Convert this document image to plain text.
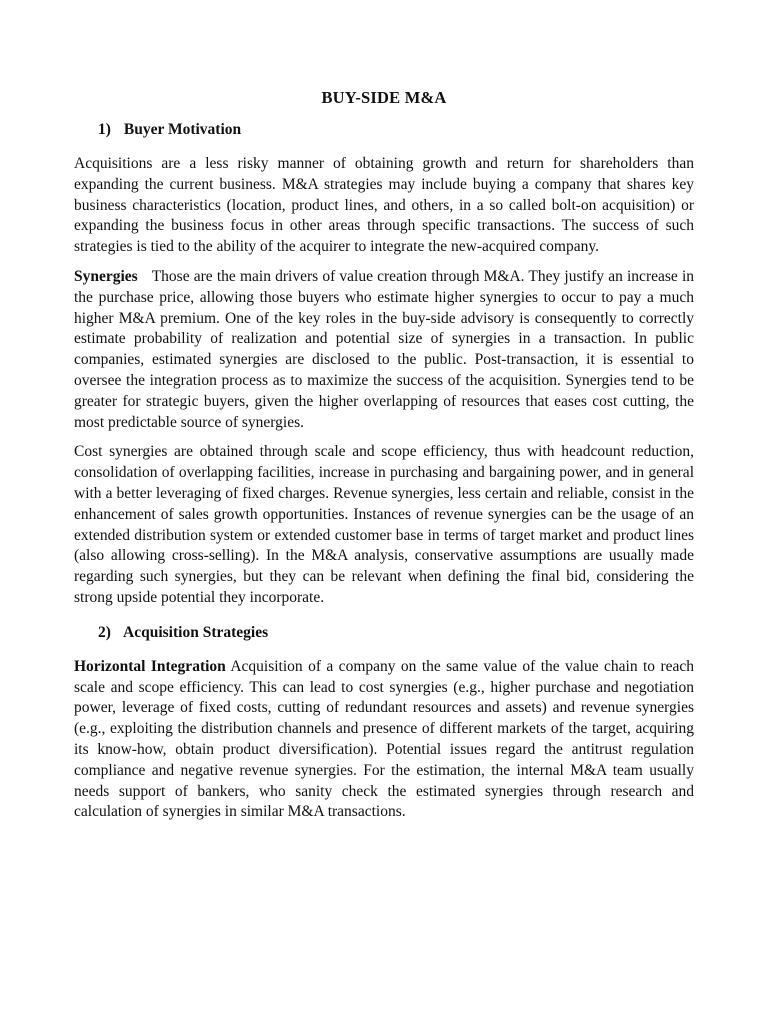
BUY-SIDE M&A
1) Buyer Motivation

Acquisitions are a less risky manner of obtaining growth and return for shareholders than expanding the current business. M&A strategies may include buying a company that shares key business characteristics (location, product lines, and others, in a so called bolt-on acquisition) or expanding the business focus in other areas through specific transactions. The success of such strategies is tied to the ability of the acquirer to integrate the new-acquired company.

Synergies Those are the main drivers of value creation through M&A. They justify an increase in the purchase price, allowing those buyers who estimate higher synergies to occur to pay a much higher M&A premium. One of the key roles in the buy-side advisory is consequently to correctly estimate probability of realization and potential size of synergies in a transaction. In public companies, estimated synergies are disclosed to the public. Post-transaction, it is essential to oversee the integration process as to maximize the success of the acquisition. Synergies tend to be greater for strategic buyers, given the higher overlapping of resources that eases cost cutting, the most predictable source of synergies.

Cost synergies are obtained through scale and scope efficiency, thus with headcount reduction, consolidation of overlapping facilities, increase in purchasing and bargaining power, and in general with a better leveraging of fixed charges. Revenue synergies, less certain and reliable, consist in the enhancement of sales growth opportunities. Instances of revenue synergies can be the usage of an extended distribution system or extended customer base in terms of target market and product lines (also allowing cross-selling). In the M&A analysis, conservative assumptions are usually made regarding such synergies, but they can be relevant when defining the final bid, considering the strong upside potential they incorporate.

2) Acquisition Strategies

Horizontal Integration Acquisition of a company on the same value of the value chain to reach scale and scope efficiency. This can lead to cost synergies (e.g., higher purchase and negotiation power, leverage of fixed costs, cutting of redundant resources and assets) and revenue synergies (e.g., exploiting the distribution channels and presence of different markets of the target, acquiring its know-how, obtain product diversification). Potential issues regard the antitrust regulation compliance and negative revenue synergies. For the estimation, the internal M&A team usually needs support of bankers, who sanity check the estimated synergies through research and calculation of synergies in similar M&A transactions.
